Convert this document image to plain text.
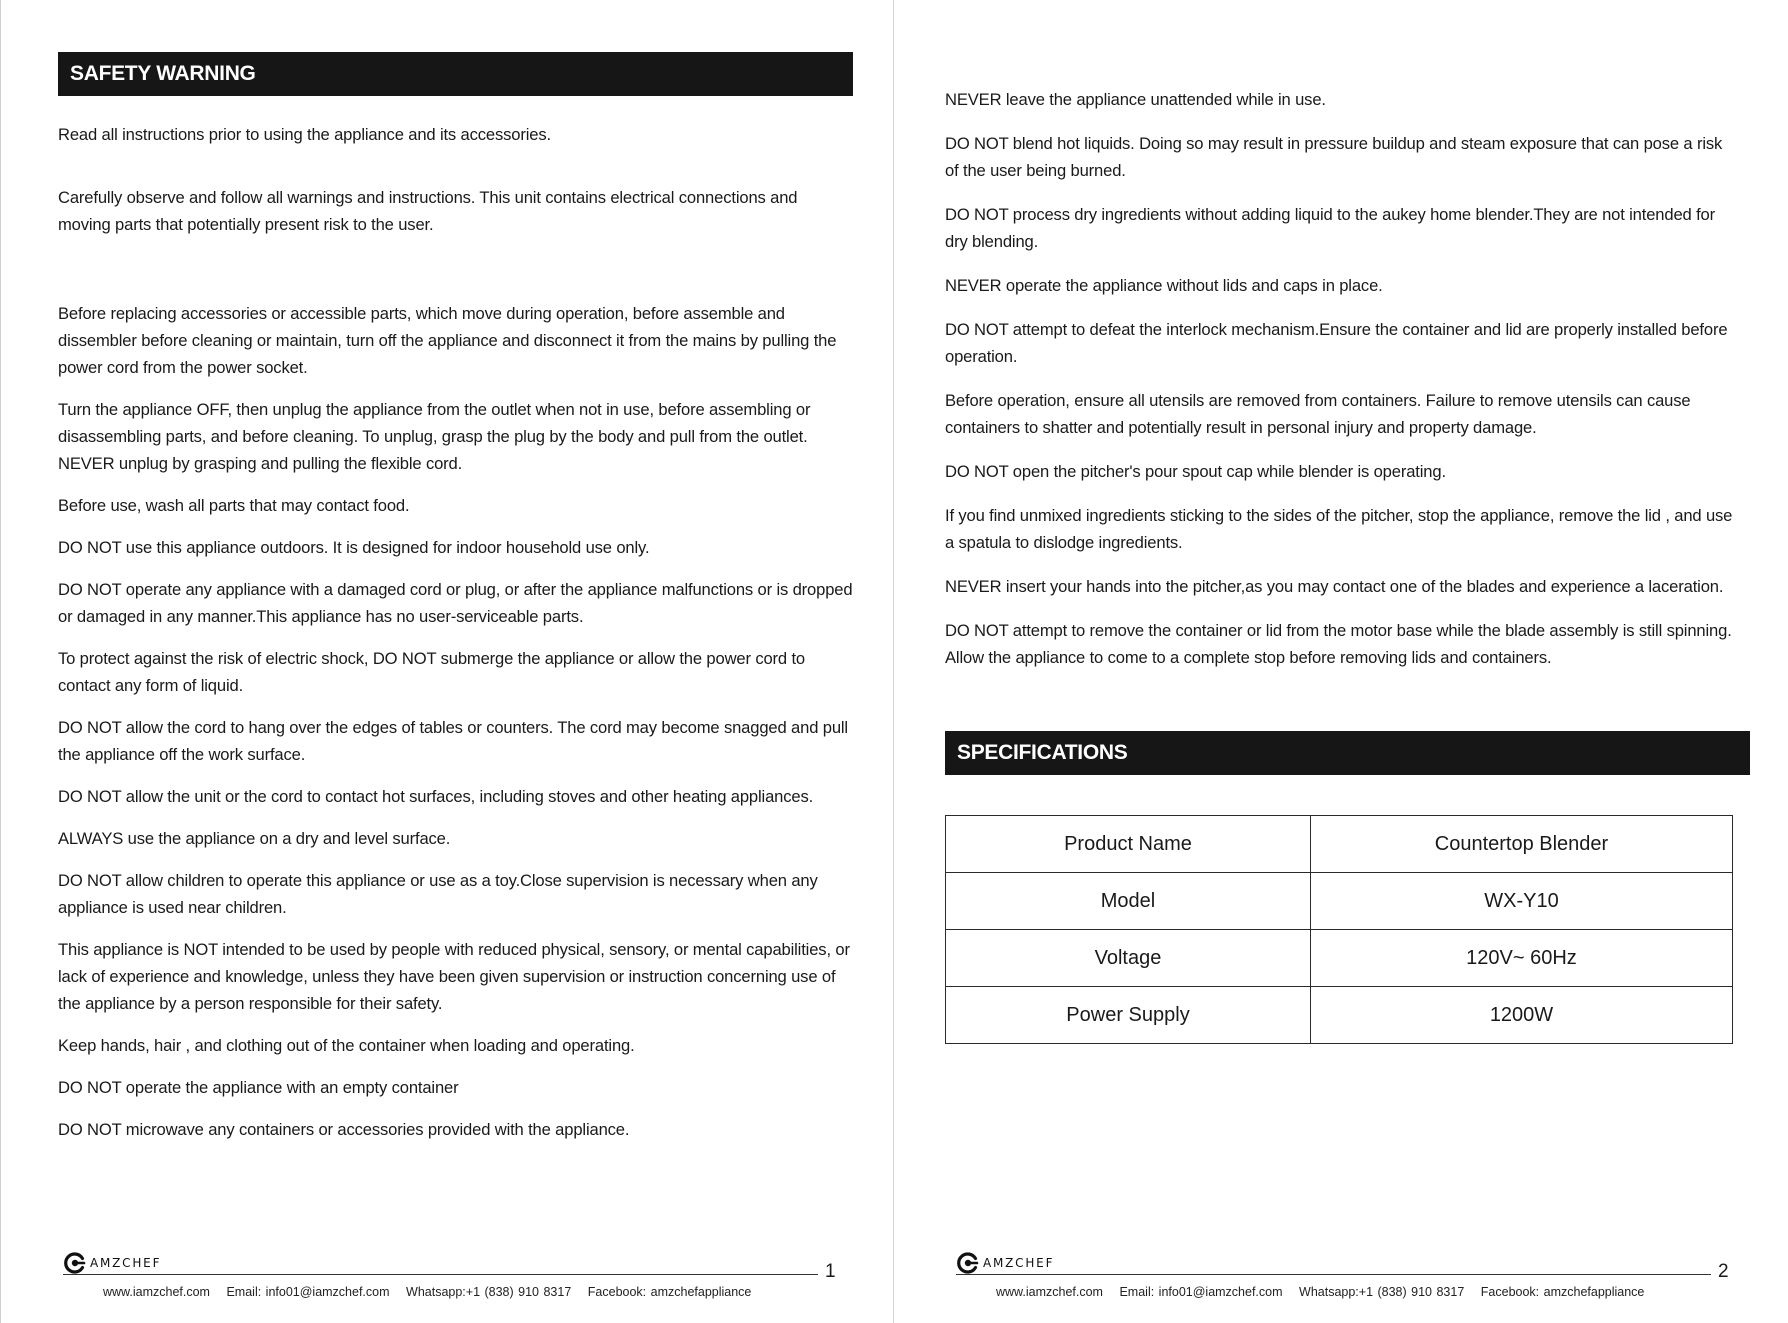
SAFETY WARNING

Read all instructions prior to using the appliance and its accessories.

Carefully observe and follow all warnings and instructions. This unit contains electrical connections and moving parts that potentially present risk to the user.

Before replacing accessories or accessible parts, which move during operation, before assemble and dissembler before cleaning or maintain, turn off the appliance and disconnect it from the mains by pulling the power cord from the power socket.

Turn the appliance OFF, then unplug the appliance from the outlet when not in use, before assembling or disassembling parts, and before cleaning. To unplug, grasp the plug by the body and pull from the outlet. NEVER unplug by grasping and pulling the flexible cord.

Before use, wash all parts that may contact food.

DO NOT use this appliance outdoors. It is designed for indoor household use only.

DO NOT operate any appliance with a damaged cord or plug, or after the appliance malfunctions or is dropped or damaged in any manner.This appliance has no user-serviceable parts.

To protect against the risk of electric shock, DO NOT submerge the appliance or allow the power cord to contact any form of liquid.

DO NOT allow the cord to hang over the edges of tables or counters. The cord may become snagged and pull the appliance off the work surface.

DO NOT allow the unit or the cord to contact hot surfaces, including stoves and other heating appliances.

ALWAYS use the appliance on a dry and level surface.

DO NOT allow children to operate this appliance or use as a toy.Close supervision is necessary when any appliance is used near children.

This appliance is NOT intended to be used by people with reduced physical, sensory, or mental capabilities, or lack of experience and knowledge, unless they have been given supervision or instruction concerning use of the appliance by a person responsible for their safety.

Keep hands, hair , and clothing out of the container when loading and operating.

DO NOT operate the appliance with an empty container

DO NOT microwave any containers or accessories provided with the appliance.

AMZCHEF	1
www.iamzchef.com Email: info01@iamzchef.com Whatsapp:+1 (838) 910 8317 Facebook: amzchefappliance

NEVER leave the appliance unattended while in use.

DO NOT blend hot liquids. Doing so may result in pressure buildup and steam exposure that can pose a risk of the user being burned.

DO NOT process dry ingredients without adding liquid to the aukey home blender.They are not intended for dry blending.

NEVER operate the appliance without lids and caps in place.

DO NOT attempt to defeat the interlock mechanism.Ensure the container and lid are properly installed before operation.

Before operation, ensure all utensils are removed from containers. Failure to remove utensils can cause containers to shatter and potentially result in personal injury and property damage.

DO NOT open the pitcher's pour spout cap while blender is operating.

If you find unmixed ingredients sticking to the sides of the pitcher, stop the appliance, remove the lid , and use a spatula to dislodge ingredients.

NEVER insert your hands into the pitcher,as you may contact one of the blades and experience a laceration.

DO NOT attempt to remove the container or lid from the motor base while the blade assembly is still spinning. Allow the appliance to come to a complete stop before removing lids and containers.

SPECIFICATIONS
Product Name	Countertop Blender
Model	WX-Y10
Voltage	120V~ 60Hz
Power Supply	1200W
AMZCHEF	2
www.iamzchef.com Email: info01@iamzchef.com Whatsapp:+1 (838) 910 8317 Facebook: amzchefappliance
